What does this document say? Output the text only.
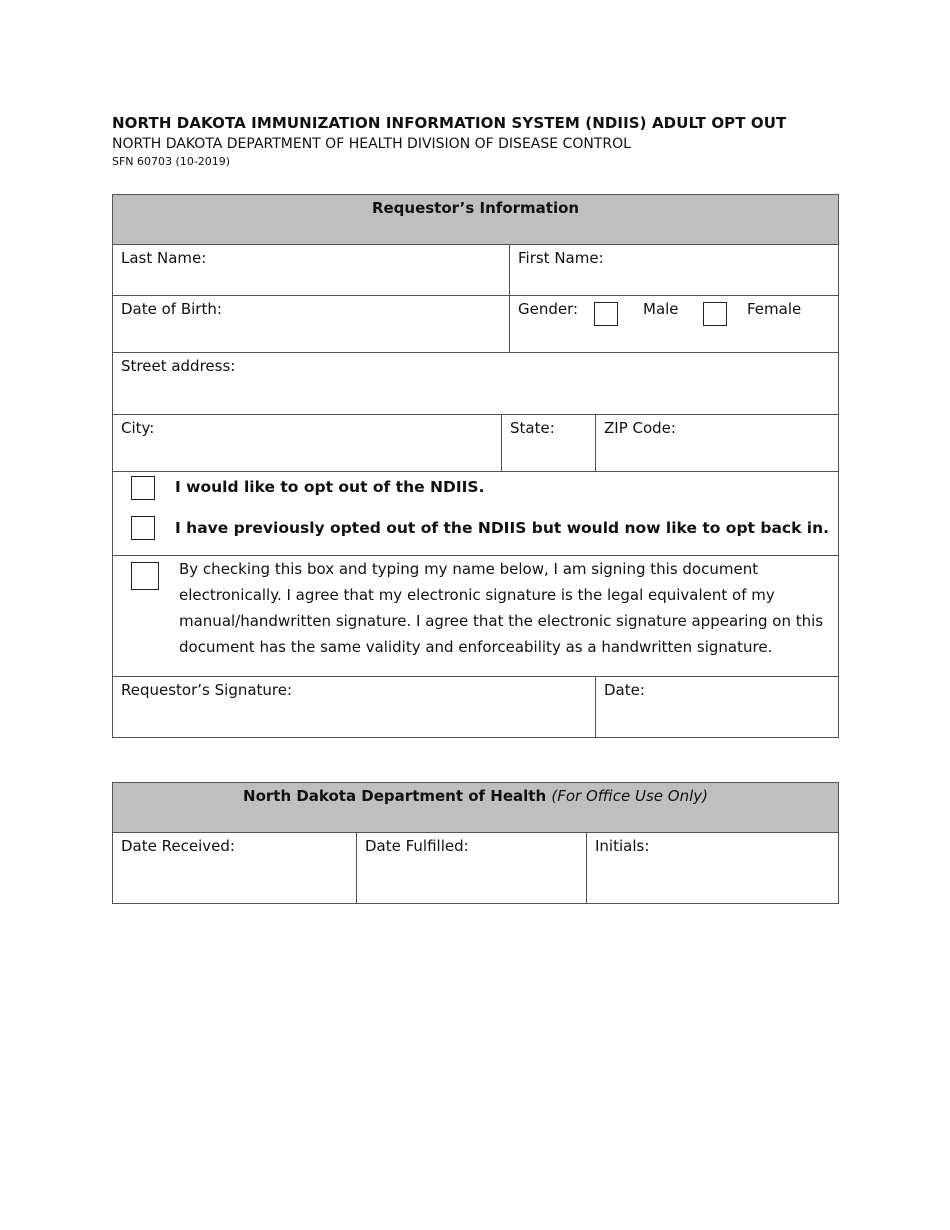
NORTH DAKOTA IMMUNIZATION INFORMATION SYSTEM (NDIIS) ADULT OPT OUT
NORTH DAKOTA DEPARTMENT OF HEALTH DIVISION OF DISEASE CONTROL
SFN 60703 (10-2019)
Requestor’s Information			
Last Name:		First Name:	
Date of Birth:		Gender: Male Female	

Street address:			
City:	State:		ZIP Code:

I would like to opt out of the NDIIS.
I have previously opted out of the NDIIS but would now like to opt back in.			

By checking this box and typing my name below, I am signing this document electronically. I agree that my electronic signature is the legal equivalent of my manual/handwritten signature. I agree that the electronic signature appearing on this document has the same validity and enforceability as a handwritten signature.			

Requestor’s Signature:			Date:
North Dakota Department of Health (For Office Use Only)
Date Received:	Date Fulfilled:	Initials:
